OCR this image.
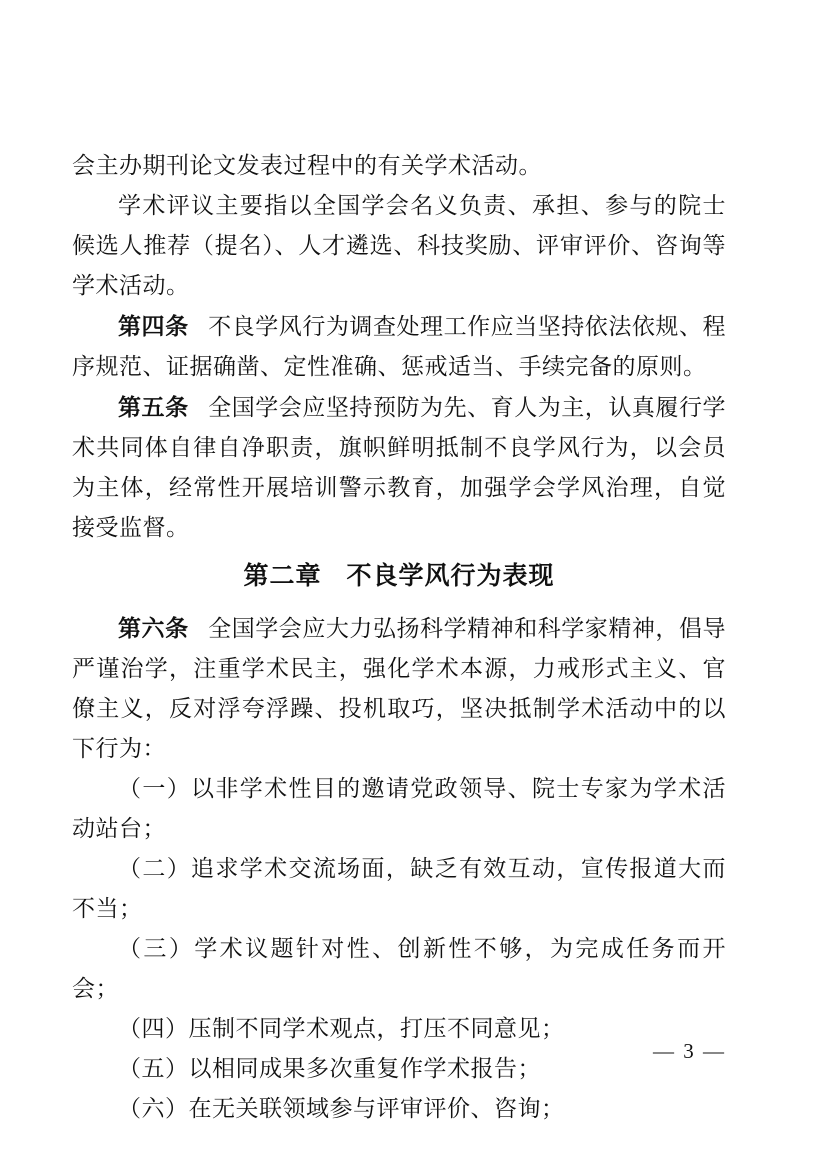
会主办期刊论文发表过程中的有关学术活动。

学术评议主要指以全国学会名义负责、承担、参与的院士候选人推荐（提名）、人才遴选、科技奖励、评审评价、咨询等学术活动。

第四条 不良学风行为调查处理工作应当坚持依法依规、程序规范、证据确凿、定性准确、惩戒适当、手续完备的原则。

第五条 全国学会应坚持预防为先、育人为主，认真履行学术共同体自律自净职责，旗帜鲜明抵制不良学风行为，以会员为主体，经常性开展培训警示教育，加强学会学风治理，自觉接受监督。

第二章 不良学风行为表现

第六条 全国学会应大力弘扬科学精神和科学家精神，倡导严谨治学，注重学术民主，强化学术本源，力戒形式主义、官僚主义，反对浮夸浮躁、投机取巧，坚决抵制学术活动中的以下行为：

（一）以非学术性目的邀请党政领导、院士专家为学术活动站台；

（二）追求学术交流场面，缺乏有效互动，宣传报道大而不当；

（三）学术议题针对性、创新性不够，为完成任务而开会；

（四）压制不同学术观点，打压不同意见；

（五）以相同成果多次重复作学术报告；

（六）在无关联领域参与评审评价、咨询；

— 3 —
